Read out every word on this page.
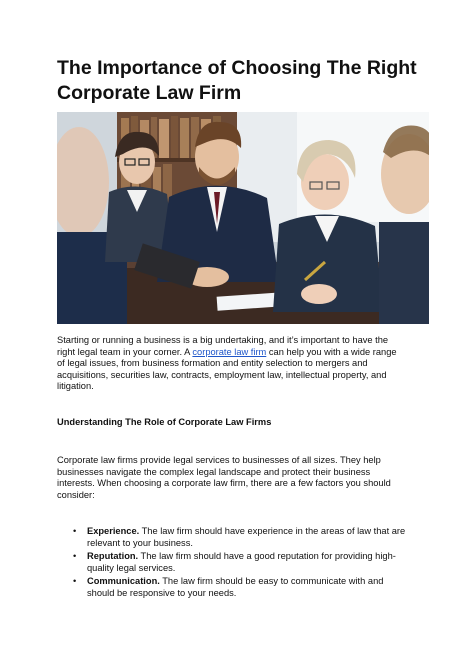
The Importance of Choosing The Right
Corporate Law Firm
Starting or running a business is a big undertaking, and it’s important to have the
right legal team in your corner. A corporate law firm can help you with a wide range
of legal issues, from business formation and entity selection to mergers and
acquisitions, securities law, contracts, employment law, intellectual property, and
litigation.
Understanding The Role of Corporate Law Firms
Corporate law firms provide legal services to businesses of all sizes. They help
businesses navigate the complex legal landscape and protect their business
interests. When choosing a corporate law firm, there are a few factors you should
consider:
• Experience. The law firm should have experience in the areas of law that are
relevant to your business.
• Reputation. The law firm should have a good reputation for providing high-
quality legal services.
• Communication. The law firm should be easy to communicate with and
should be responsive to your needs.
